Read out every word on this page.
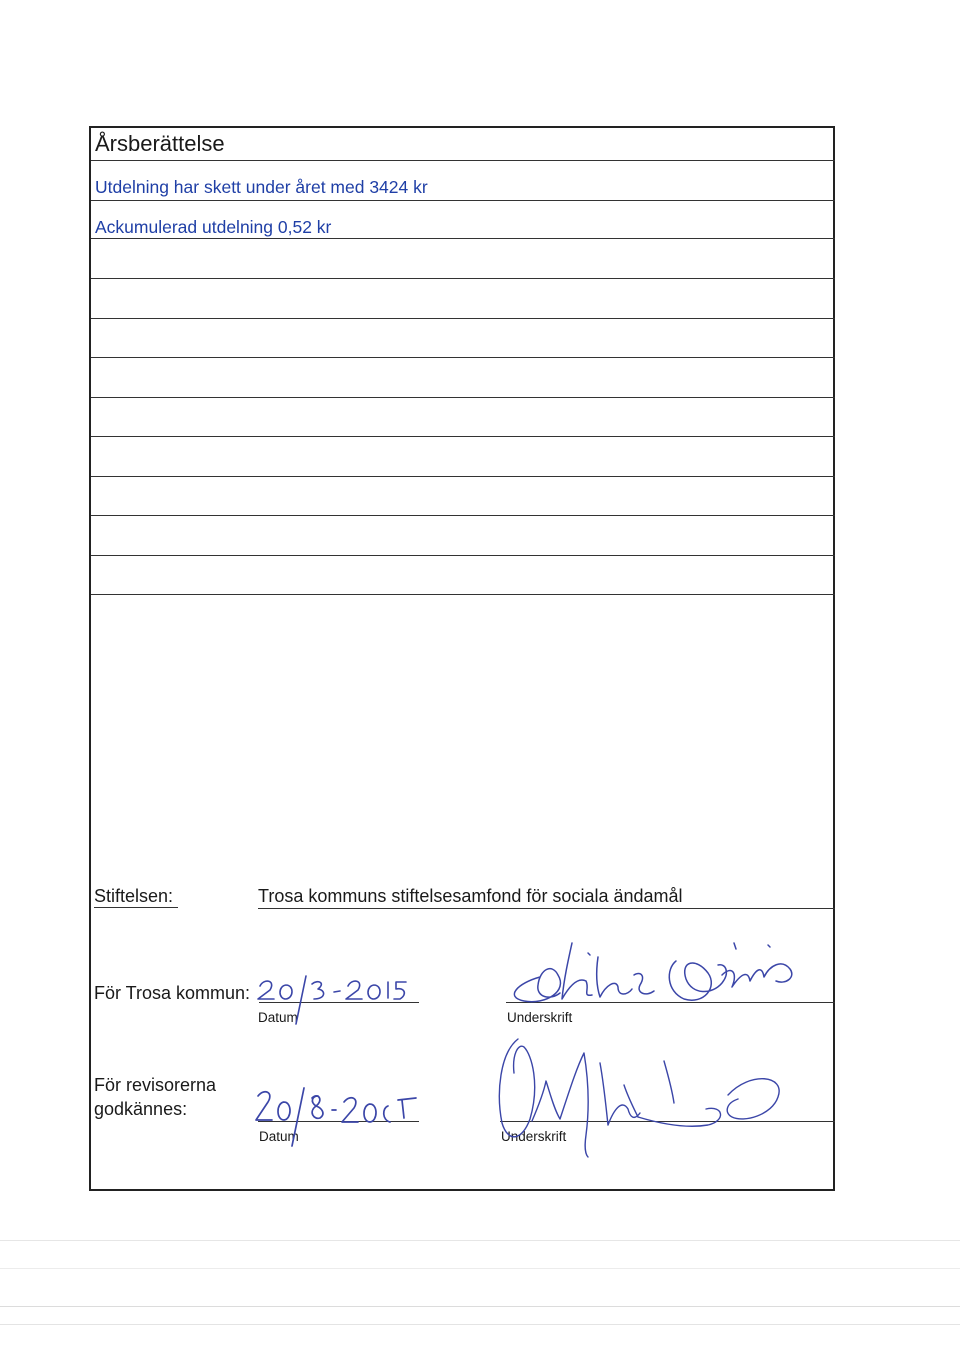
Årsberättelse
Utdelning har skett under året med 3424 kr
Ackumulerad utdelning 0,52 kr
Stiftelsen:	Trosa kommuns stiftelsesamfond för sociala ändamål
För Trosa kommun:
Datum	Underskrift
För revisorerna
godkännes:
Datum	Underskrift
